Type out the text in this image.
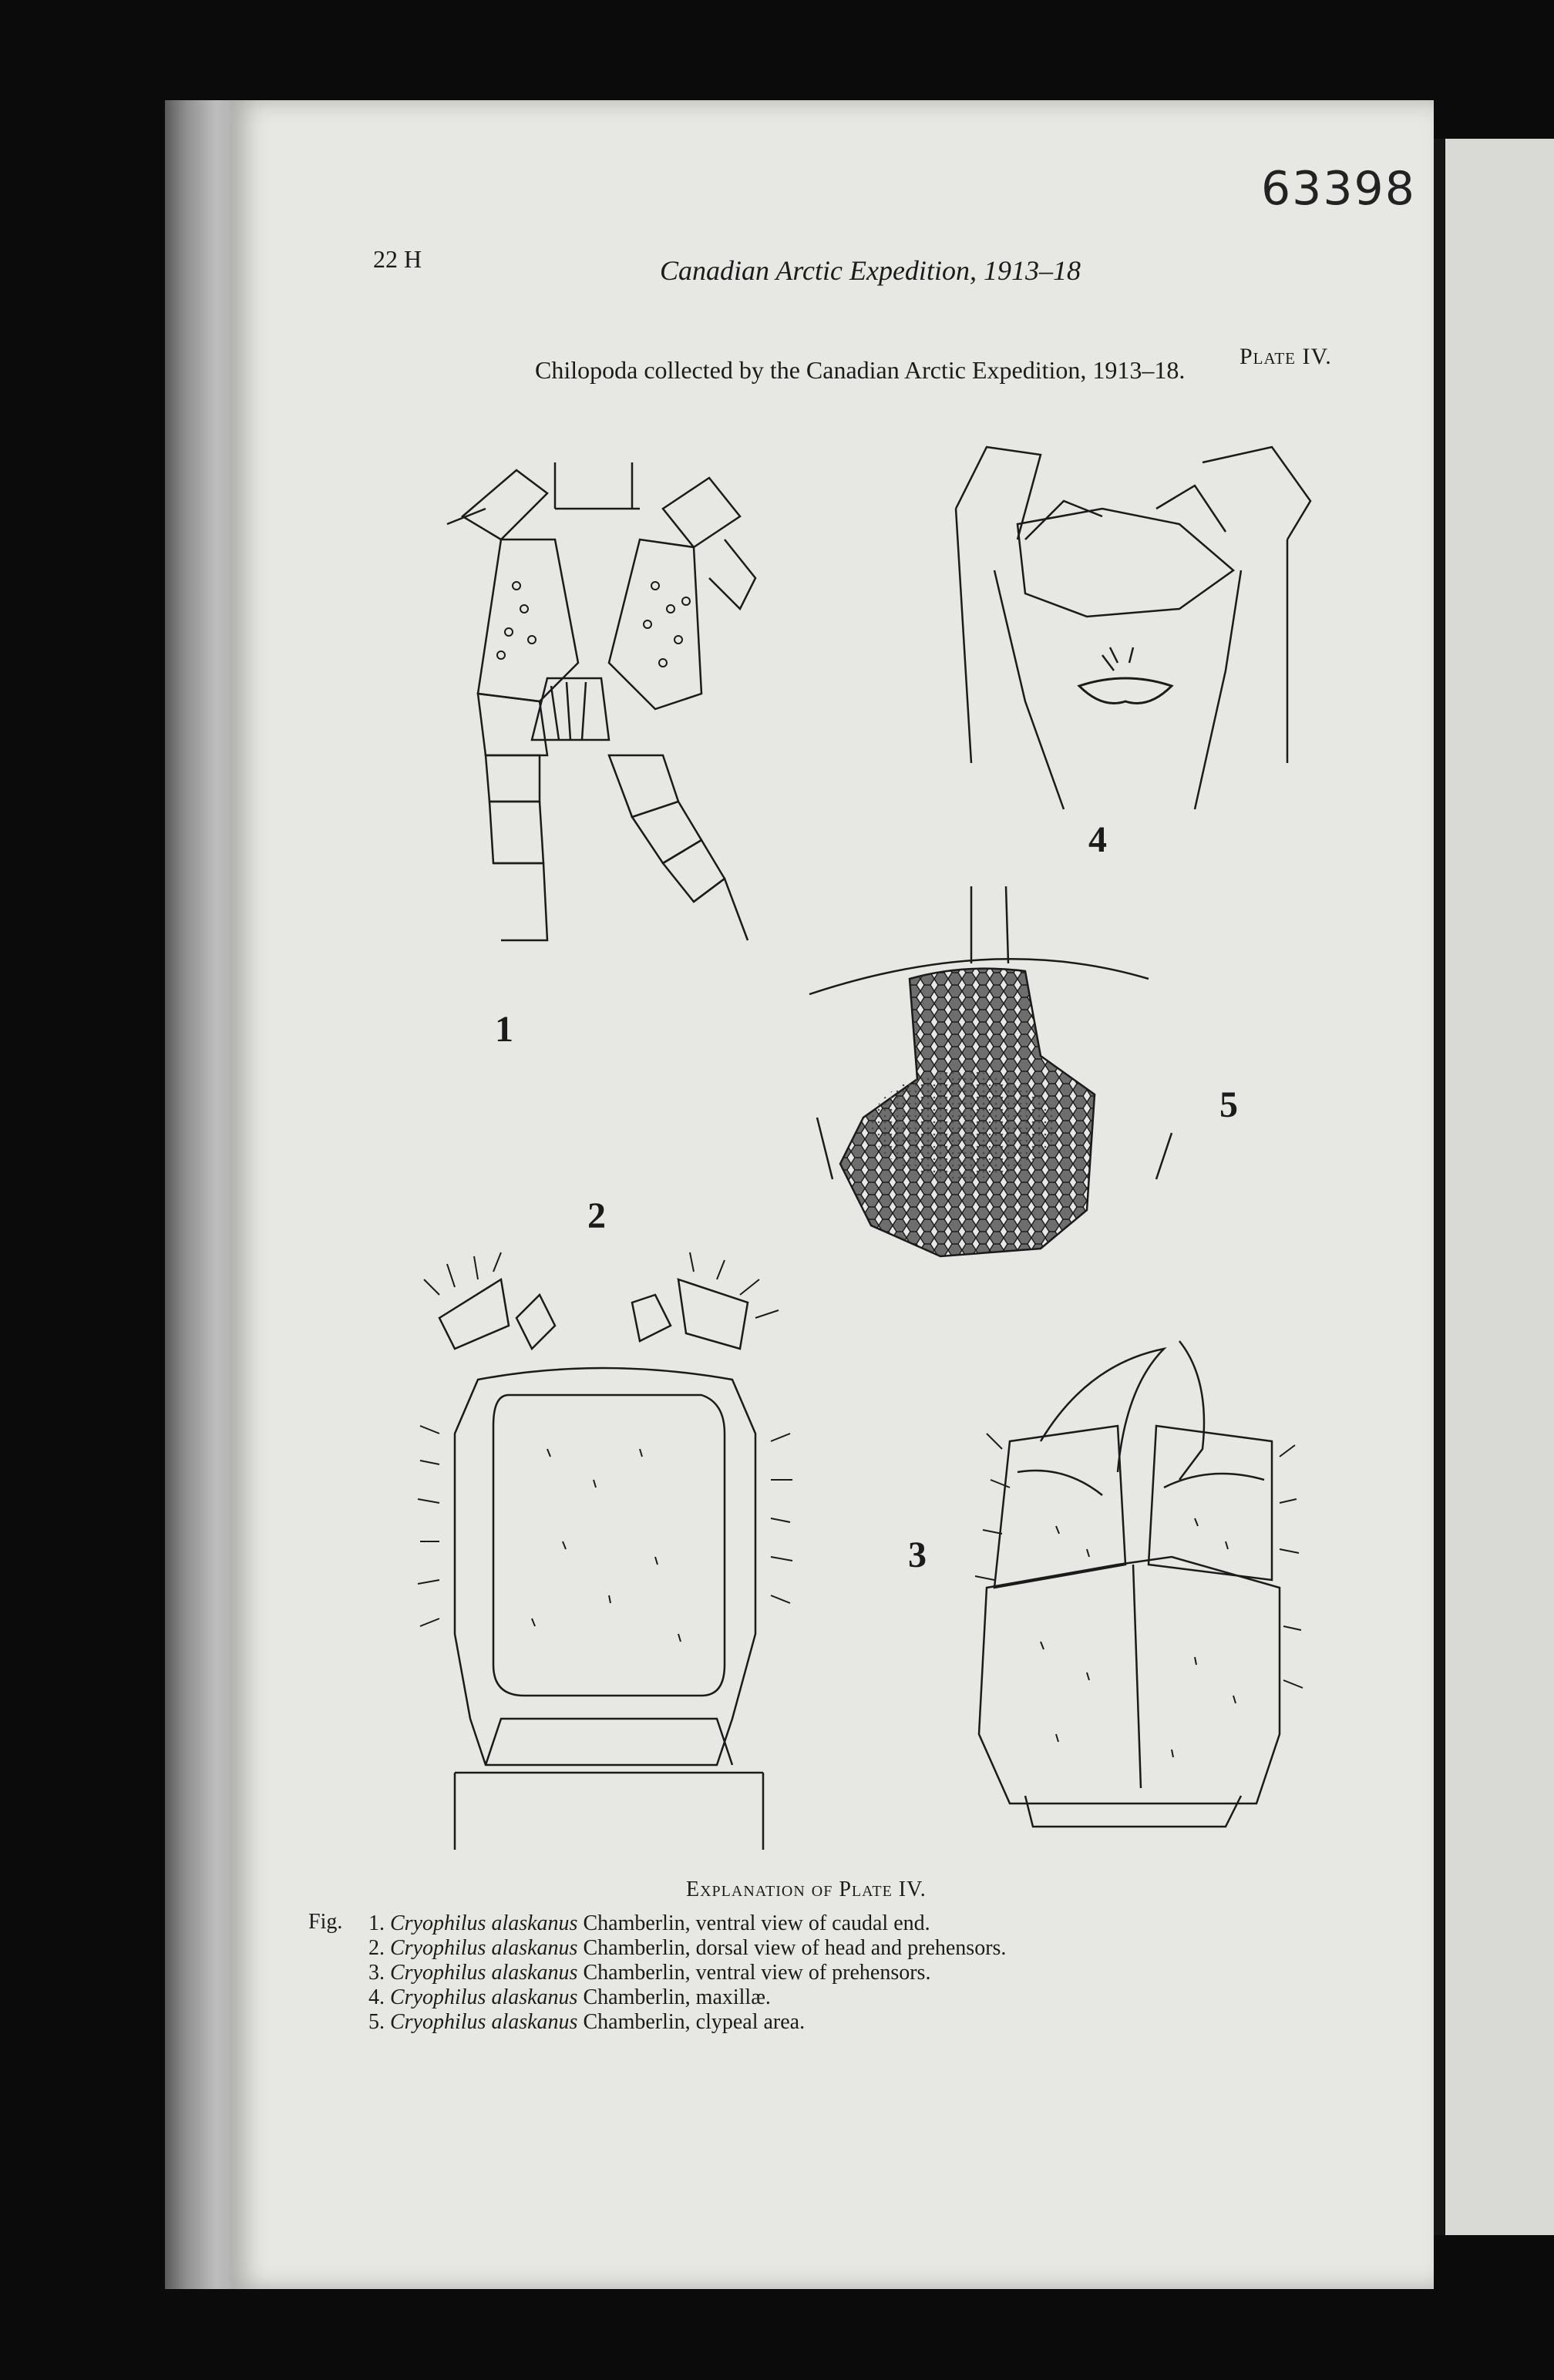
63398
22 H	Canadian Arctic Expedition, 1913–18
Plate IV.
Chilopoda collected by the Canadian Arctic Expedition, 1913–18.
1
4
5
2
3
Explanation of Plate IV.
Fig. 1. Cryophilus alaskanus Chamberlin, ventral view of caudal end.
2. Cryophilus alaskanus Chamberlin, dorsal view of head and prehensors.
3. Cryophilus alaskanus Chamberlin, ventral view of prehensors.
4. Cryophilus alaskanus Chamberlin, maxillæ.
5. Cryophilus alaskanus Chamberlin, clypeal area.
